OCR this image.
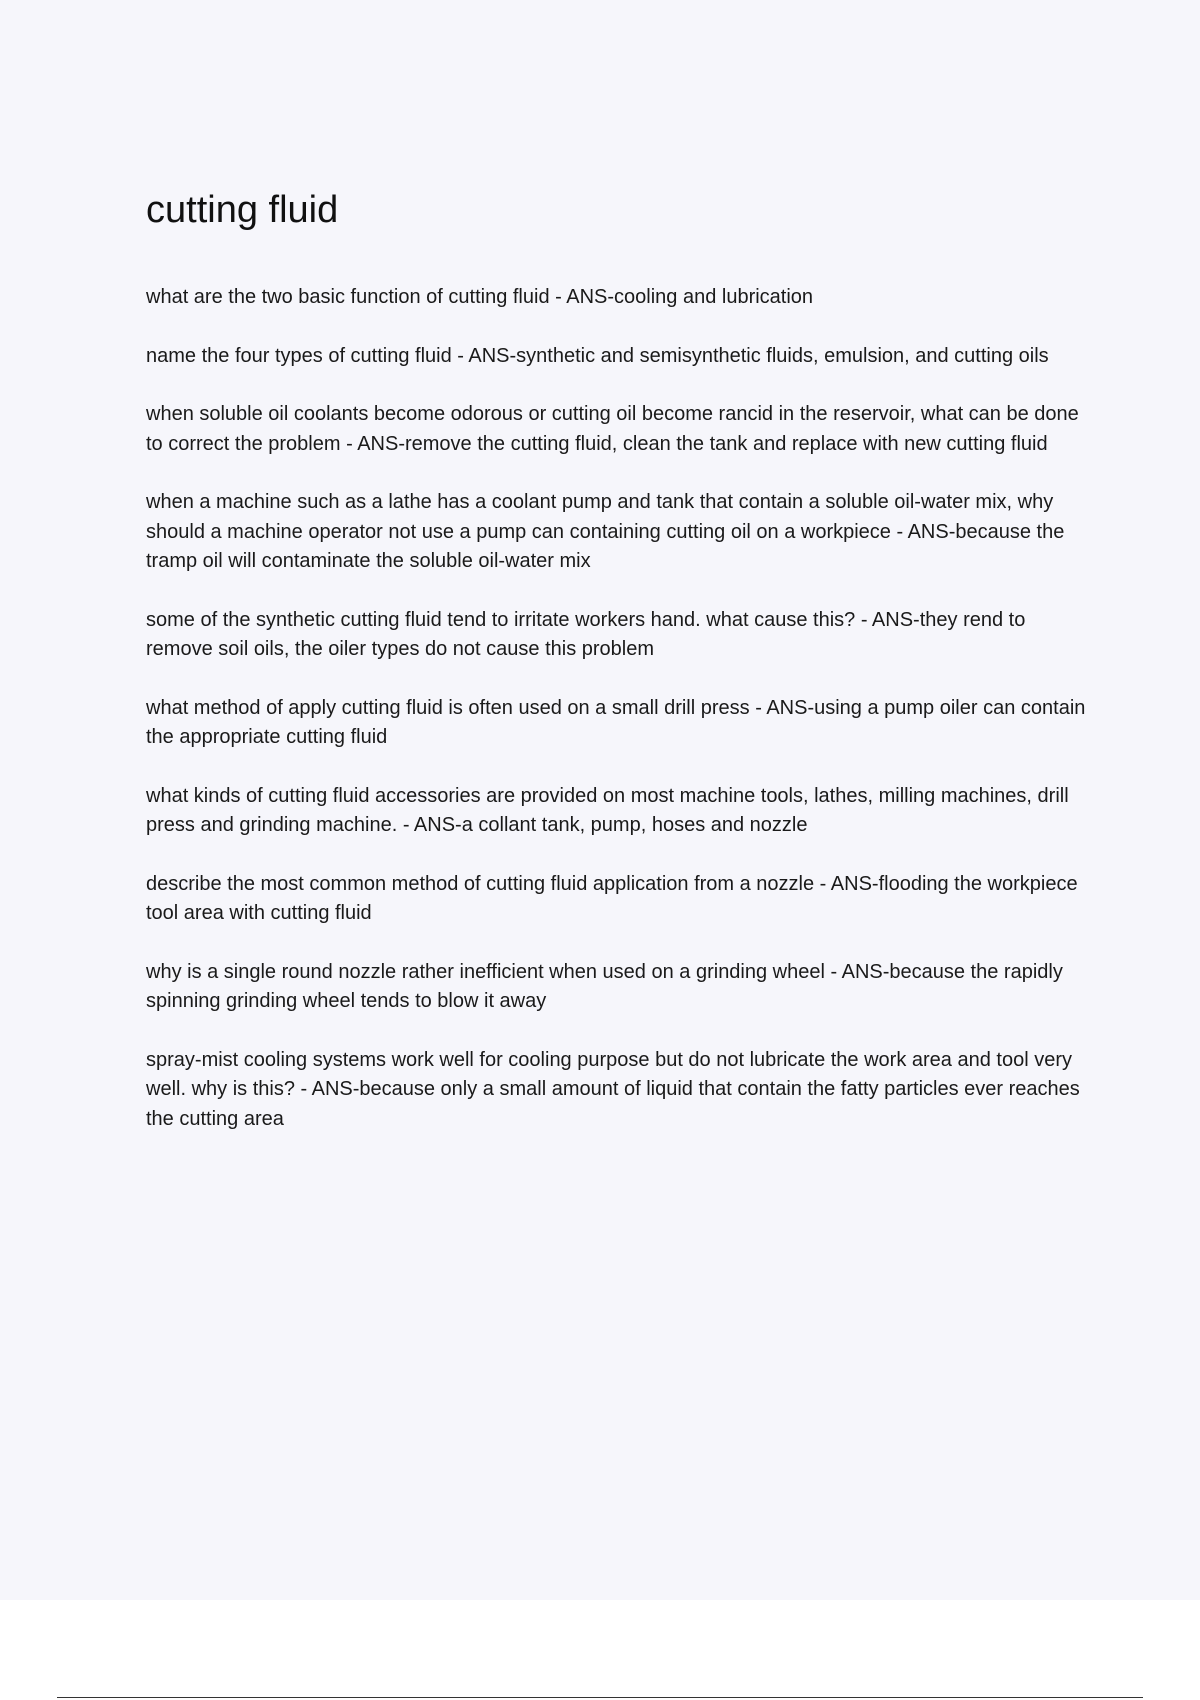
cutting fluid
what are the two basic function of cutting fluid - ANS-cooling and lubrication
name the four types of cutting fluid - ANS-synthetic and semisynthetic fluids, emulsion, and cutting oils
when soluble oil coolants become odorous or cutting oil become rancid in the reservoir, what can be done to correct the problem - ANS-remove the cutting fluid, clean the tank and replace with new cutting fluid
when a machine such as a lathe has a coolant pump and tank that contain a soluble oil-water mix, why should a machine operator not use a pump can containing cutting oil on a workpiece - ANS-because the tramp oil will contaminate the soluble oil-water mix
some of the synthetic cutting fluid tend to irritate workers hand. what cause this? - ANS-they rend to remove soil oils, the oiler types do not cause this problem
what method of apply cutting fluid is often used on a small drill press - ANS-using a pump oiler can contain the appropriate cutting fluid
what kinds of cutting fluid accessories are provided on most machine tools, lathes, milling machines, drill press and grinding machine. - ANS-a collant tank, pump, hoses and nozzle
describe the most common method of cutting fluid application from a nozzle - ANS-flooding the workpiece tool area with cutting fluid
why is a single round nozzle rather inefficient when used on a grinding wheel - ANS-because the rapidly spinning grinding wheel tends to blow it away
spray-mist cooling systems work well for cooling purpose but do not lubricate the work area and tool very well. why is this? - ANS-because only a small amount of liquid that contain the fatty particles ever reaches the cutting area
